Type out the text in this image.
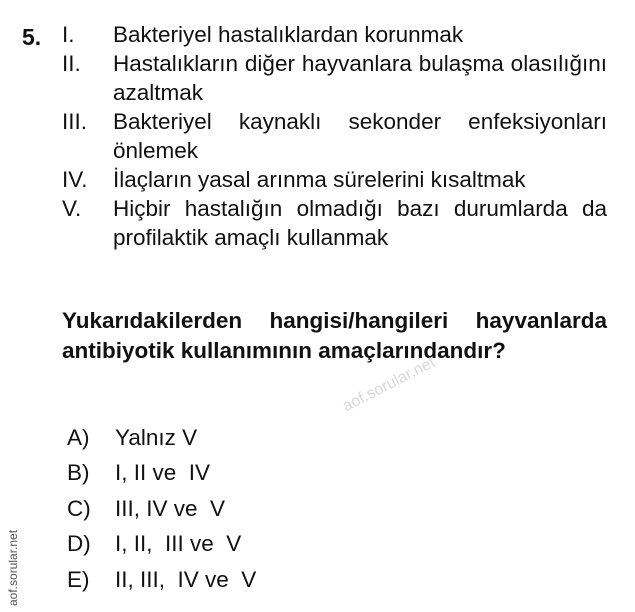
5. I.	Bakteriyel hastalıklardan korunmak
II.	Hastalıkların diğer hayvanlara bulaşma olasılığını azaltmak
III.	Bakteriyel kaynaklı sekonder enfeksiyonları önlemek
IV.	İlaçların yasal arınma sürelerini kısaltmak
V.	Hiçbir hastalığın olmadığı bazı durumlarda da profilaktik amaçlı kullanmak
Yukarıdakilerden hangisi/hangileri hayvanlarda antibiyotik kullanımının amaçlarındandır?
A)	Yalnız V
B)	I, II ve  IV
C)	III, IV ve  V
D)	I, II,  III ve  V
E)	II, III,  IV ve  V
aof.sorular.net
aof.sorular.net
